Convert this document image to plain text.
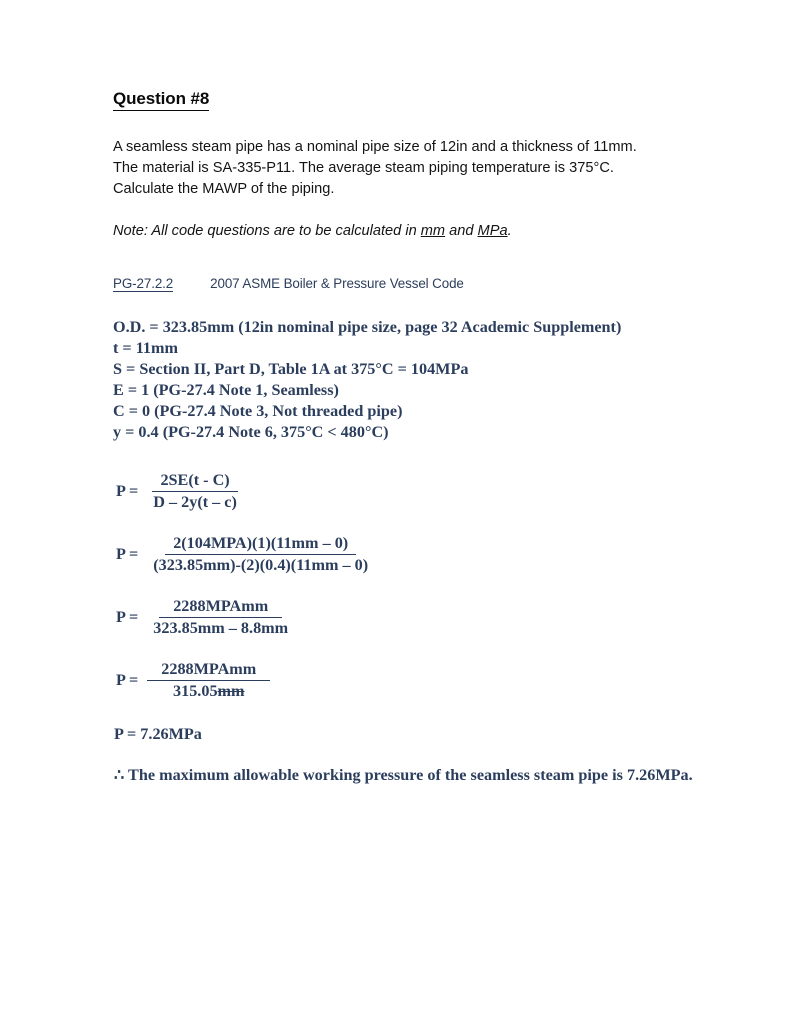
Question #8

A seamless steam pipe has a nominal pipe size of 12in and a thickness of 11mm. The material is SA-335-P11. The average steam piping temperature is 375°C. Calculate the MAWP of the piping.

Note: All code questions are to be calculated in mm and MPa.

PG-27.2.2	2007 ASME Boiler & Pressure Vessel Code
O.D. = 323.85mm (12in nominal pipe size, page 32 Academic Supplement)
t = 11mm
S = Section II, Part D, Table 1A at 375°C = 104MPa
E = 1 (PG-27.4 Note 1, Seamless)
C = 0 (PG-27.4 Note 3, Not threaded pipe)
y = 0.4 (PG-27.4 Note 6, 375°C < 480°C)
$P = \frac{2SE(t - C)}{D - 2y(t - c)}$
$P = \frac{\text{2(104MPA)(1)(11mm – 0)}}{(323.85mm)-(2)(0.4)(11mm - 0)}$
$P = \frac{\text{2288MPAmm}}{323.85mm - 8.8mm}$
$P = \frac{\text{2288MPAmm}}{315.05mm}$
P = 7.26MPa
∴ The maximum allowable working pressure of the seamless steam pipe is 7.26MPa.
